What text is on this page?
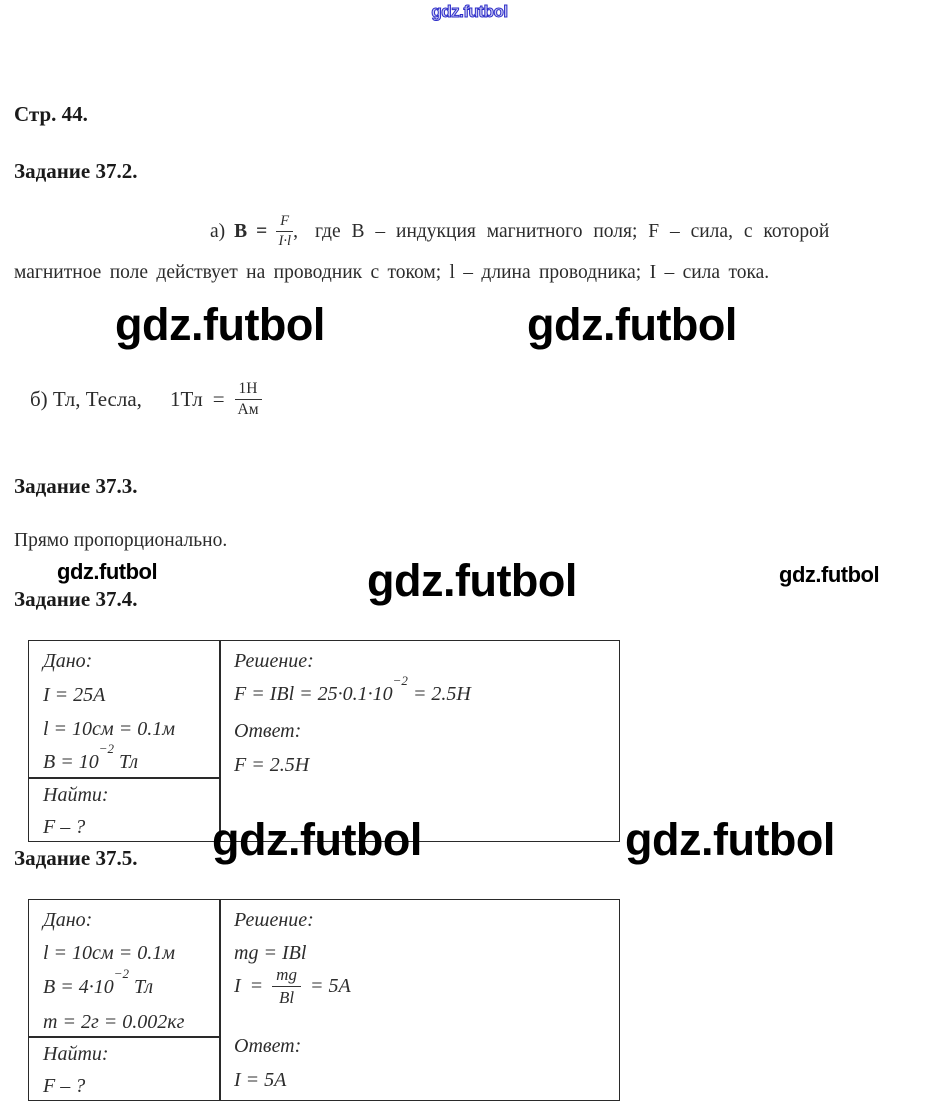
gdz.futbol
Стр. 44.
Задание 37.2.
а) $B = \frac{F}{I\cdot l}$ , где В – индукция магнитного поля; F – сила, с которой
магнитное поле действует на проводник с током; l – длина проводника; I – сила тока.
gdz.futbol	gdz.futbol
б) Тл, Тесла, $1Тл = \frac{1Н}{Ам}$
Задание 37.3.
Прямо пропорционально.
gdz.futbol	gdz.futbol	gdz.futbol
Задание 37.4.
Дано:
I = 25А
l = 10см = 0.1м
$B = 10^{-2}$ Тл
Найти:
F – ?
Решение:
F = IBl = $25\cdot 0.1\cdot 10^{-2} = 2.5Н$
Ответ:
F = 2.5Н
gdz.futbol	gdz.futbol
Задание 37.5.
Дано:
l = 10см = 0.1м
$B = 4\cdot 10^{-2}$ Тл
m = 2г = 0.002кг
Найти:
F – ?
Решение:
mg = IBl
$I = \frac{mg}{Bl} = 5А$
Ответ:
I = 5А
